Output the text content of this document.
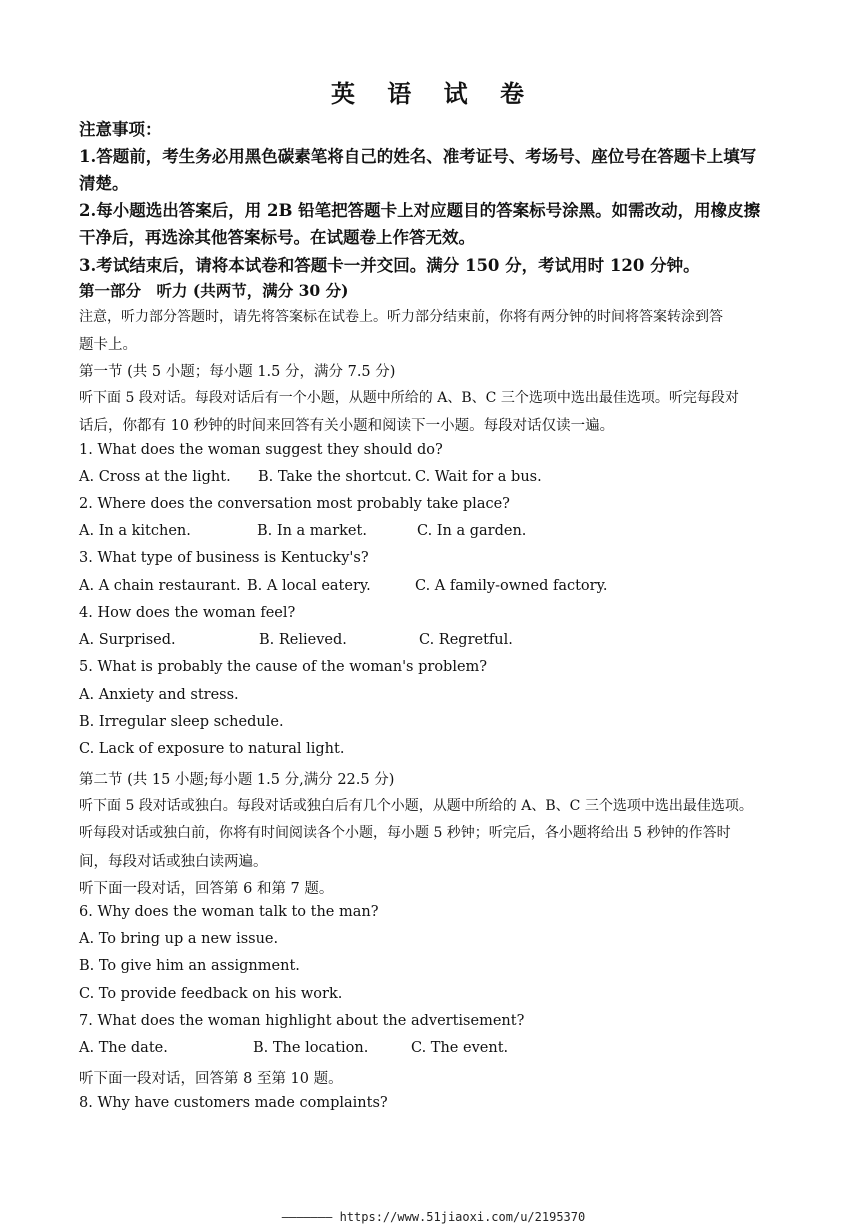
英 语 试 卷
注意事项：
1.答题前，考生务必用黑色碳素笔将自己的姓名、准考证号、考场号、座位号在答题卡上填写
清楚。
2.每小题选出答案后，用 2B 铅笔把答题卡上对应题目的答案标号涂黑。如需改动，用橡皮擦
干净后，再选涂其他答案标号。在试题卷上作答无效。
3.考试结束后，请将本试卷和答题卡一并交回。满分 150 分，考试用时 120 分钟。
第一部分　听力 (共两节，满分 30 分)
注意，听力部分答题时，请先将答案标在试卷上。听力部分结束前，你将有两分钟的时间将答案转涂到答
题卡上。
第一节 (共 5 小题；每小题 1.5 分，满分 7.5 分)
听下面 5 段对话。每段对话后有一个小题，从题中所给的 A、B、C 三个选项中选出最佳选项。听完每段对
话后，你都有 10 秒钟的时间来回答有关小题和阅读下一小题。每段对话仅读一遍。
1. What does the woman suggest they should do?
A. Cross at the light. B. Take the shortcut. C. Wait for a bus.
2. Where does the conversation most probably take place?
A. In a kitchen.	B. In a market.	C. In a garden.
3. What type of business is Kentucky's?
A. A chain restaurant. B. A local eatery.	C. A family-owned factory.
4. How does the woman feel?
A. Surprised.	B. Relieved.	C. Regretful.
5. What is probably the cause of the woman's problem?
A. Anxiety and stress.
B. Irregular sleep schedule.
C. Lack of exposure to natural light.
第二节 (共 15 小题;每小题 1.5 分,满分 22.5 分)
听下面 5 段对话或独白。每段对话或独白后有几个小题，从题中所给的 A、B、C 三个选项中选出最佳选项。
听每段对话或独白前，你将有时间阅读各个小题，每小题 5 秒钟；听完后，各小题将给出 5 秒钟的作答时
间，每段对话或独白读两遍。
听下面一段对话，回答第 6 和第 7 题。
6. Why does the woman talk to the man?
A. To bring up a new issue.
B. To give him an assignment.
C. To provide feedback on his work.
7. What does the woman highlight about the advertisement?
A. The date.	B. The location.	C. The event.
听下面一段对话，回答第 8 至第 10 题。
8. Why have customers made complaints?
‒‒‒‒‒‒‒ https://www.51jiaoxi.com/u/2195370
